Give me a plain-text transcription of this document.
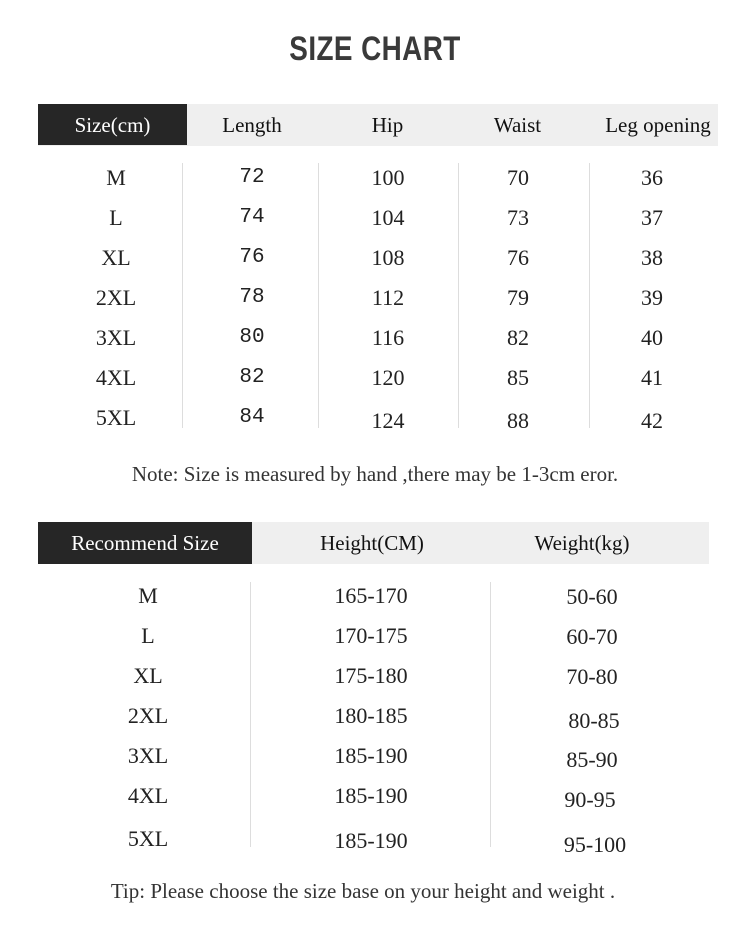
SIZE CHART
Size(cm)	Length	Hip	Waist	Leg opening
M	72	100	70	36
L	74	104	73	37
XL	76	108	76	38
2XL	78	112	79	39
3XL	80	116	82	40
4XL	82	120	85	41
5XL	84	124	88	42
Note: Size is measured by hand ,there may be 1-3cm eror.
Recommend Size	Height(CM)	Weight(kg)
M	165-170	50-60
L	170-175	60-70
XL	175-180	70-80
2XL	180-185	80-85
3XL	185-190	85-90
4XL	185-190	90-95
5XL	185-190	95-100
Tip: Please choose the size base on your height and weight .
